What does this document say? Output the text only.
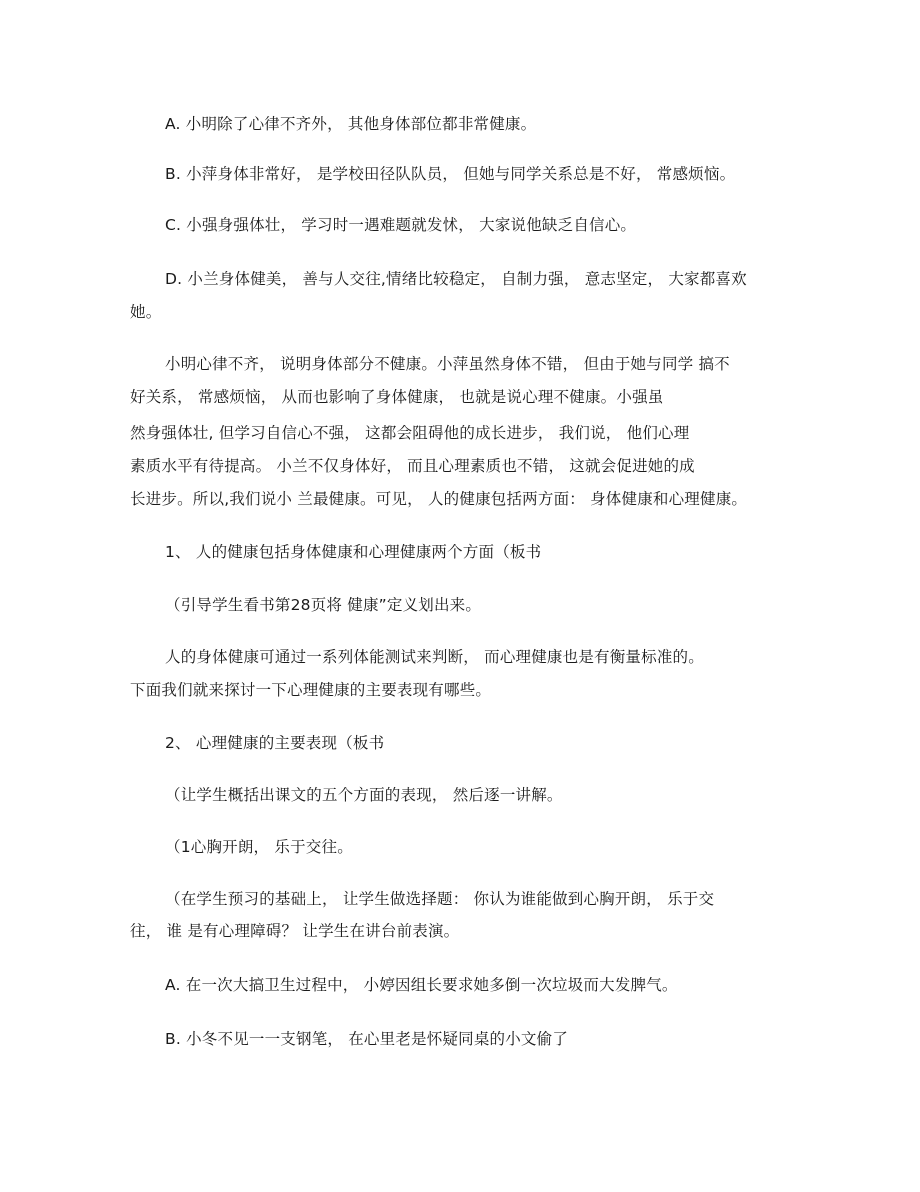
A. 小明除了心律不齐外， 其他身体部位都非常健康。
B. 小萍身体非常好， 是学校田径队队员， 但她与同学关系总是不好， 常感烦恼。
C. 小强身强体壮， 学习时一遇难题就发怵， 大家说他缺乏自信心。
D. 小兰身体健美， 善与人交往,情绪比较稳定， 自制力强， 意志坚定， 大家都喜欢
她。
小明心律不齐， 说明身体部分不健康。小萍虽然身体不错， 但由于她与同学 搞不
好关系， 常感烦恼， 从而也影响了身体健康， 也就是说心理不健康。小强虽
然身强体壮, 但学习自信心不强， 这都会阻碍他的成长进步， 我们说， 他们心理
素质水平有待提高。 小兰不仅身体好， 而且心理素质也不错， 这就会促进她的成
长进步。所以,我们说小 兰最健康。可见， 人的健康包括两方面： 身体健康和心理健康。
1、 人的健康包括身体健康和心理健康两个方面（板书
（引导学生看书第28页将 健康”定义划出来。
人的身体健康可通过一系列体能测试来判断， 而心理健康也是有衡量标准的。
下面我们就来探讨一下心理健康的主要表现有哪些。
2、 心理健康的主要表现（板书
（让学生概括出课文的五个方面的表现， 然后逐一讲解。
（1心胸开朗， 乐于交往。
（在学生预习的基础上， 让学生做选择题： 你认为谁能做到心胸开朗， 乐于交
往， 谁 是有心理障碍？ 让学生在讲台前表演。
A. 在一次大搞卫生过程中， 小婷因组长要求她多倒一次垃圾而大发脾气。
B. 小冬不见一一支钢笔， 在心里老是怀疑同桌的小文偷了
